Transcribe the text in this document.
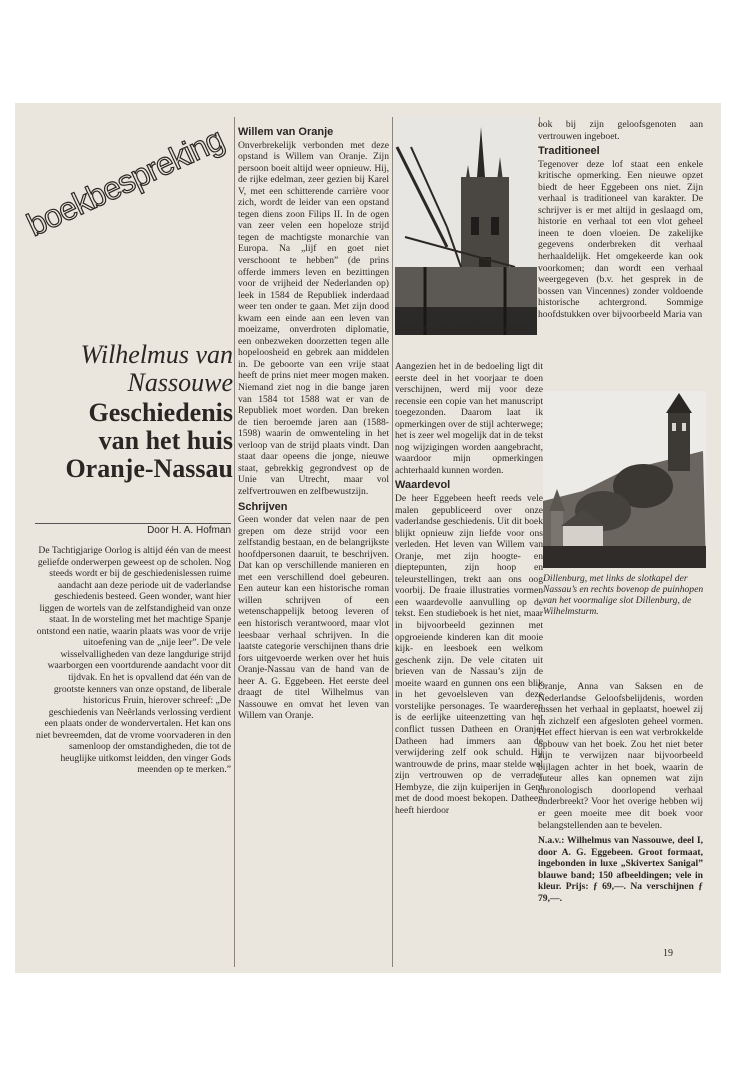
boekbespreking
Wilhelmus van Nassouwe
Geschiedenis van het huis Oranje-Nassau
Door H. A. Hofman

De Tachtigjarige Oorlog is altijd één van de meest geliefde onderwerpen geweest op de scholen. Nog steeds wordt er bij de geschiedenislessen ruime aandacht aan deze periode uit de vaderlandse geschiedenis besteed. Geen wonder, want hier liggen de wortels van de zelfstandigheid van onze staat. In de worsteling met het machtige Spanje ontstond een natie, waarin plaats was voor de vrije uitoefening van de „nije leer”. De vele wisselvalligheden van deze langdurige strijd waarborgen een voortdurende aandacht voor dit tijdvak. En het is opvallend dat één van de grootste kenners van onze opstand, de liberale historicus Fruin, hierover schreef: „De geschiedenis van Neêrlands verlossing verdient een plaats onder de wondervertalen. Het kan ons niet bevreemden, dat de vrome voorvaderen in den samenloop der omstandigheden, die tot de heuglijke uitkomst leidden, den vinger Gods meenden op te merken.”

Willem van Oranje

Onverbrekelijk verbonden met deze opstand is Willem van Oranje. Zijn persoon boeit altijd weer opnieuw. Hij, de rijke edelman, zeer gezien bij Karel V, met een schitterende carrière voor zich, wordt de leider van een opstand tegen diens zoon Filips II. In de ogen van zeer velen een hopeloze strijd tegen de machtigste monarchie van Europa. Na „lijf en goet niet verschoont te hebben” (de prins offerde immers leven en bezittingen voor de vrijheid der Nederlanden op) leek in 1584 de Republiek inderdaad weer ten onder te gaan. Met zijn dood kwam een einde aan een leven van moeizame, onverdroten diplomatie, een onbezweken doorzetten tegen alle hopeloosheid en gebrek aan middelen in. De geboorte van een vrije staat heeft de prins niet meer mogen maken. Niemand ziet nog in die bange jaren van 1584 tot 1588 wat er van de Republiek moet worden. Dan breken de tien beroemde jaren aan (1588-1598) waarin de omwenteling in het verloop van de strijd plaats vindt. Dan staat daar opeens die jonge, nieuwe staat, gebrekkig gegrondvest op de Unie van Utrecht, maar vol zelfvertrouwen en zelfbewustzijn.

Schrijven

Geen wonder dat velen naar de pen grepen om deze strijd voor een zelfstandig bestaan, en de belangrijkste hoofdpersonen daaruit, te beschrijven. Dat kan op verschillende manieren en met een verschillend doel gebeuren. Een auteur kan een historische roman willen schrijven of een wetenschappelijk betoog leveren of een historisch verantwoord, maar vlot leesbaar verhaal schrijven. In die laatste categorie verschijnen thans drie fors uitgevoerde werken over het huis Oranje-Nassau van de hand van de heer A. G. Eggebeen. Het eerste deel draagt de titel Wilhelmus van Nassouwe en omvat het leven van Willem van Oranje.

Zierikzee, eens in Spaanse handen.

Aangezien het in de bedoeling ligt dit eerste deel in het voorjaar te doen verschijnen, werd mij voor deze recensie een copie van het manuscript toegezonden. Daarom laat ik opmerkingen over de stijl achterwege; het is zeer wel mogelijk dat in de tekst nog wijzigingen worden aangebracht, waardoor mijn opmerkingen achterhaald kunnen worden.

Waardevol

De heer Eggebeen heeft reeds vele malen gepubliceerd over onze vaderlandse geschiedenis. Uit dit boek blijkt opnieuw zijn liefde voor ons verleden. Het leven van Willem van Oranje, met zijn hoogte- en dieptepunten, zijn hoop en teleurstellingen, trekt aan ons oog voorbij. De fraaie illustraties vormen een waardevolle aanvulling op de tekst. Een studieboek is het niet, maar in bijvoorbeeld gezinnen met opgroeiende kinderen kan dit mooie kijk- en leesboek een welkom geschenk zijn. De vele citaten uit brieven van de Nassau’s zijn de moeite waard en gunnen ons een blik in het gevoelsleven van deze vorstelijke personages. Te waarderen is de eerlijke uiteenzetting van het conflict tussen Datheen en Oranje. Datheen had immers aan de verwijdering zelf ook schuld. Hij wantrouwde de prins, maar stelde wel zijn vertrouwen op de verrader Hembyze, die zijn kuiperijen in Gent met de dood moest bekopen. Datheen heeft hierdoor

ook bij zijn geloofsgenoten aan vertrouwen ingeboet.

Traditioneel

Tegenover deze lof staat een enkele kritische opmerking. Een nieuwe opzet biedt de heer Eggebeen ons niet. Zijn verhaal is traditioneel van karakter. De schrijver is er met altijd in geslaagd om, historie en verhaal tot een vlot geheel ineen te doen vloeien. De zakelijke gegevens onderbreken dit verhaal herhaaldelijk. Het omgekeerde kan ook voorkomen; dan wordt een verhaal weergegeven (b.v. het gesprek in de bossen van Vincennes) zonder voldoende historische achtergrond. Sommige hoofdstukken over bijvoorbeeld Maria van

Dillenburg, met links de slotkapel der Nassau’s en rechts bovenop de puinhopen van het voormalige slot Dillenburg, de Wilhelmsturm.

Oranje, Anna van Saksen en de Nederlandse Geloofsbelijdenis, worden tussen het verhaal in geplaatst, hoewel zij in zichzelf een afgesloten geheel vormen. Het effect hiervan is een wat verbrokkelde opbouw van het boek. Zou het niet beter zijn te verwijzen naar bijvoorbeeld bijlagen achter in het boek, waarin de auteur alles kan opnemen wat zijn chronologisch doorlopend verhaal onderbreekt? Voor het overige hebben wij er geen moeite mee dit boek voor belangstellenden aan te bevelen.

N.a.v.: Wilhelmus van Nassouwe, deel I, door A. G. Eggebeen. Groot formaat, ingebonden in luxe „Skivertex Sanigal” blauwe band; 150 afbeeldingen; vele in kleur. Prijs: ƒ 69,—. Na verschijnen ƒ 79,—.

19
